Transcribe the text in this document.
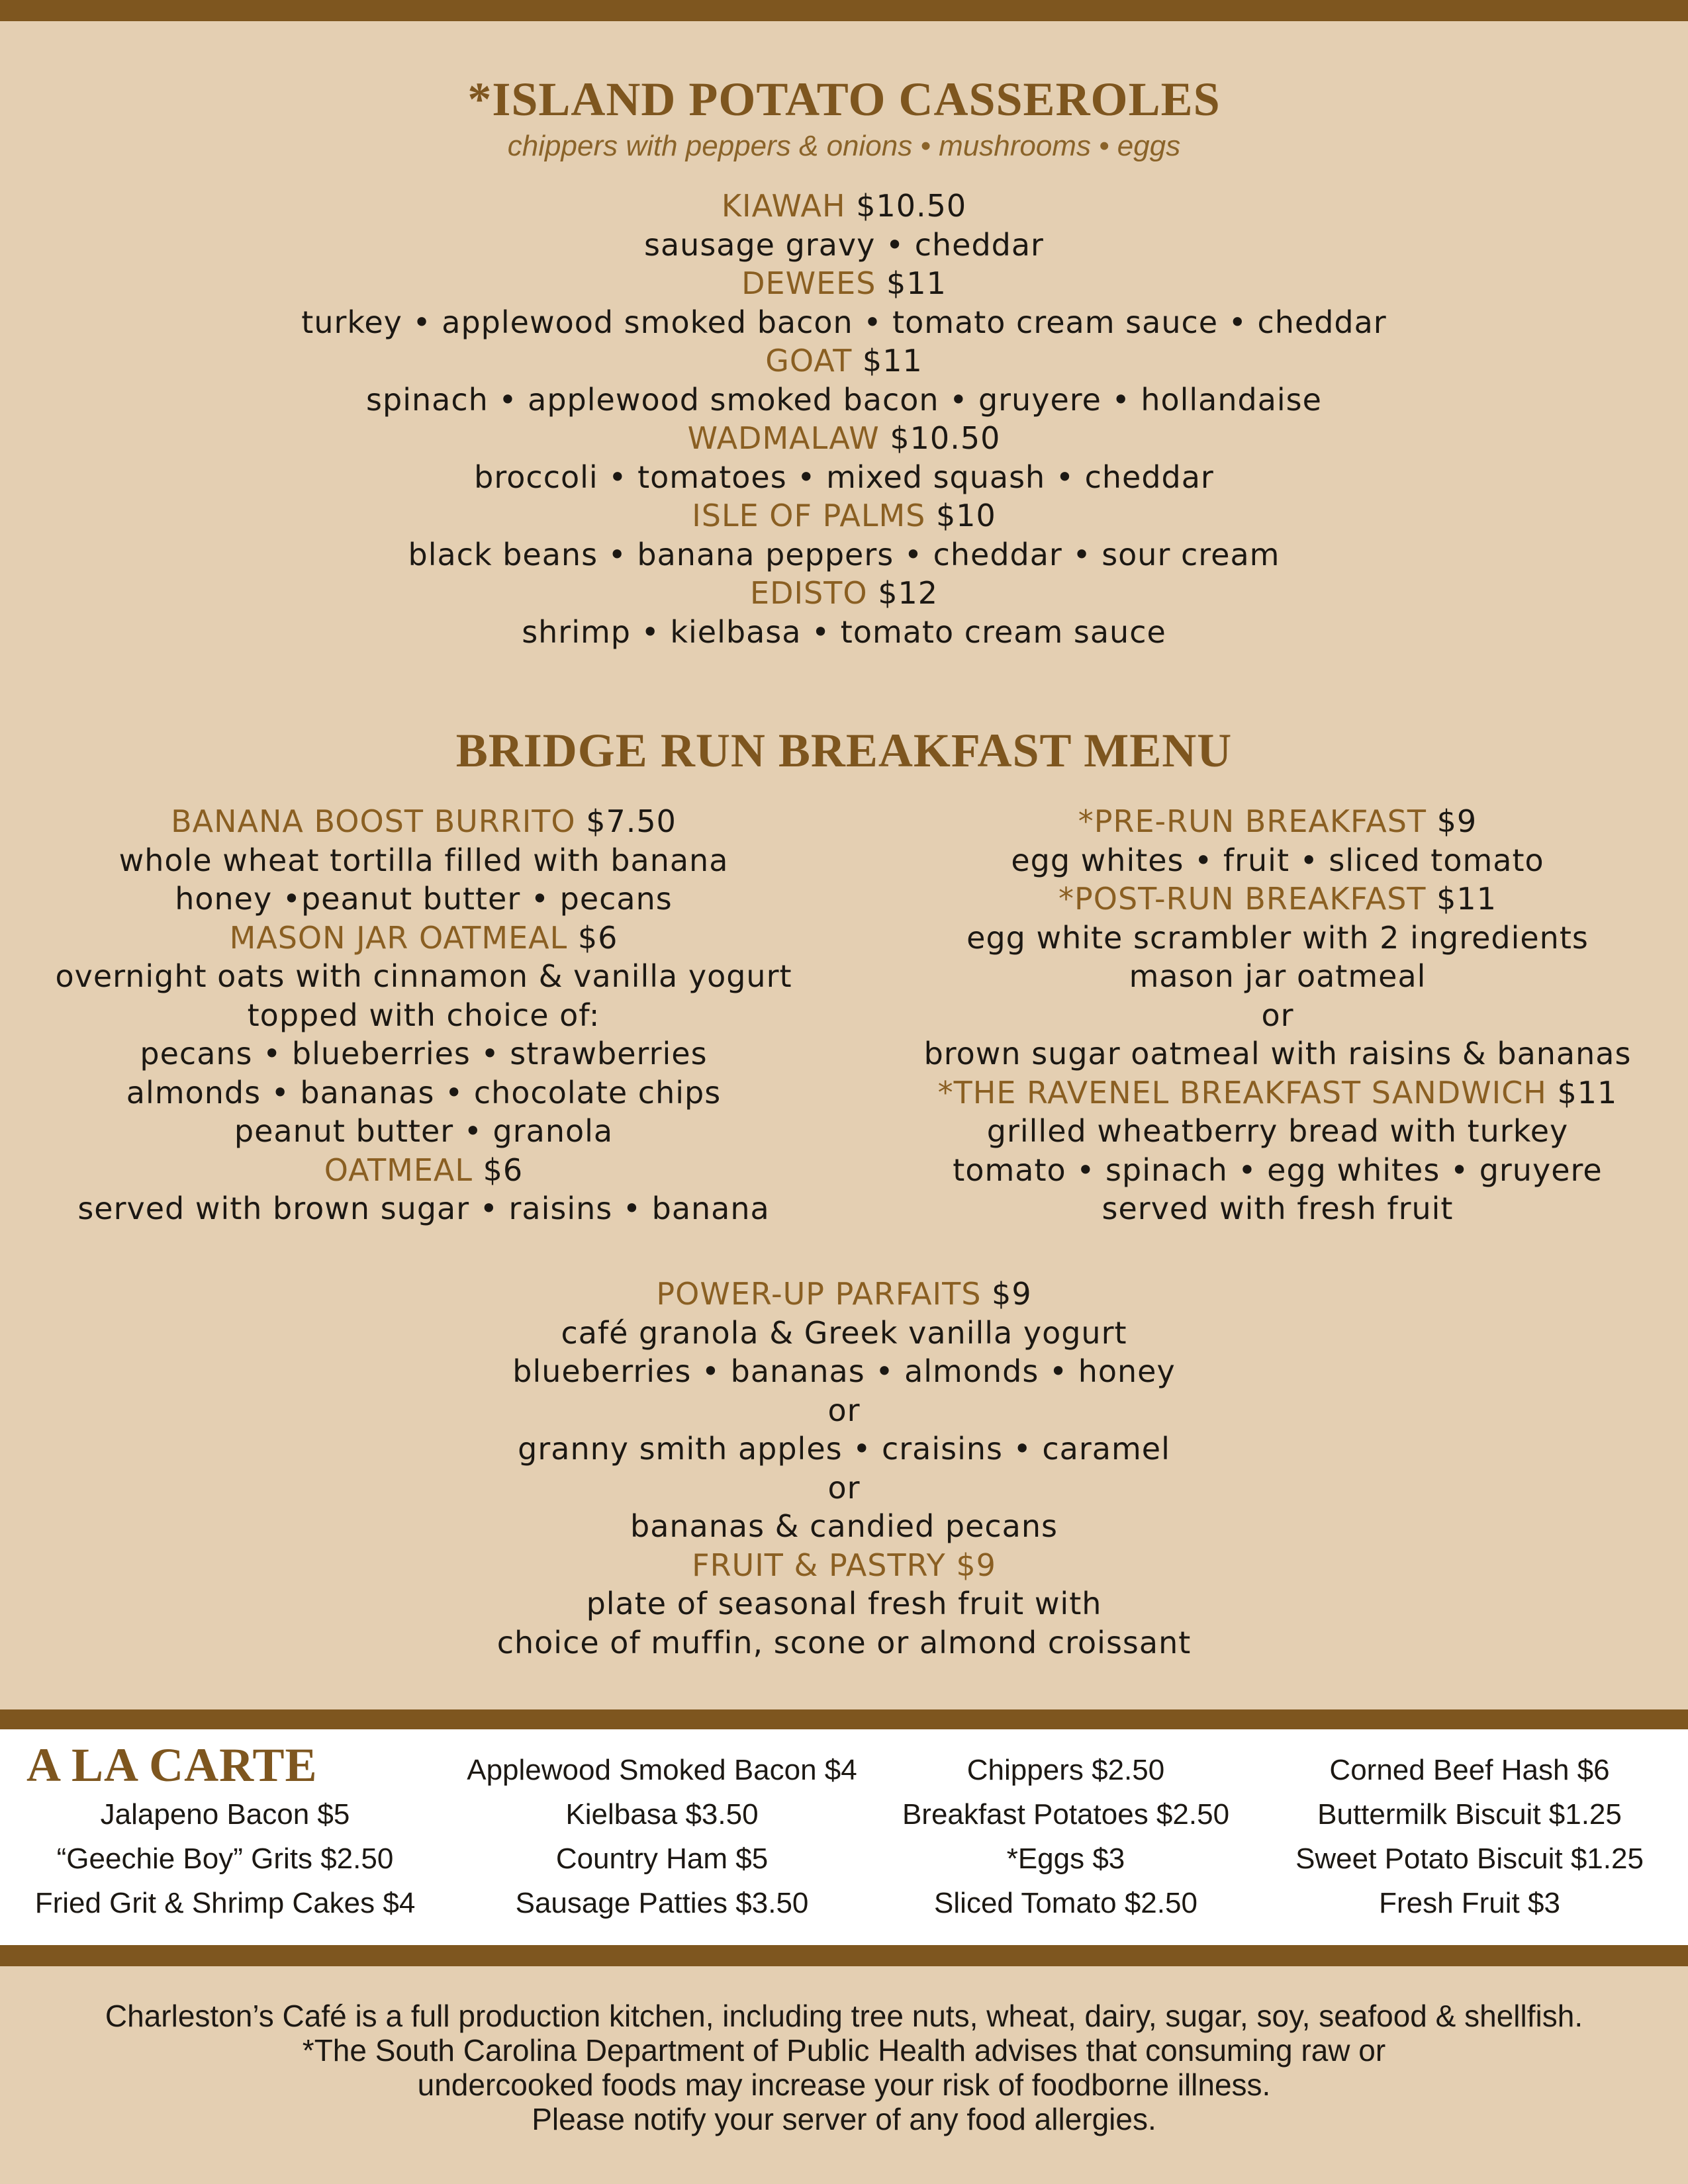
*ISLAND POTATO CASSEROLES

chippers with peppers & onions • mushrooms • eggs

KIAWAH $10.50

sausage gravy • cheddar

DEWEES $11

turkey • applewood smoked bacon • tomato cream sauce • cheddar

GOAT $11

spinach • applewood smoked bacon • gruyere • hollandaise

WADMALAW $10.50

broccoli • tomatoes • mixed squash • cheddar

ISLE OF PALMS $10

black beans • banana peppers • cheddar • sour cream

EDISTO $12

shrimp • kielbasa • tomato cream sauce

BRIDGE RUN BREAKFAST MENU

BANANA BOOST BURRITO $7.50

whole wheat tortilla filled with banana

honey •peanut butter • pecans

MASON JAR OATMEAL $6

overnight oats with cinnamon & vanilla yogurt

topped with choice of:

pecans • blueberries • strawberries

almonds • bananas • chocolate chips

peanut butter • granola

OATMEAL $6

served with brown sugar • raisins • banana

*PRE-RUN BREAKFAST $9

egg whites • fruit • sliced tomato

*POST-RUN BREAKFAST $11

egg white scrambler with 2 ingredients

mason jar oatmeal

or

brown sugar oatmeal with raisins & bananas

*THE RAVENEL BREAKFAST SANDWICH $11

grilled wheatberry bread with turkey

tomato • spinach • egg whites • gruyere

served with fresh fruit

POWER-UP PARFAITS $9

café granola & Greek vanilla yogurt

blueberries • bananas • almonds • honey

or

granny smith apples • craisins • caramel

or

bananas & candied pecans

FRUIT & PASTRY $9

plate of seasonal fresh fruit with

choice of muffin, scone or almond croissant

A LA CARTE

Jalapeno Bacon $5

“Geechie Boy” Grits $2.50

Fried Grit & Shrimp Cakes $4

Applewood Smoked Bacon $4

Kielbasa $3.50

Country Ham $5

Sausage Patties $3.50

Chippers $2.50

Breakfast Potatoes $2.50

*Eggs $3

Sliced Tomato $2.50

Corned Beef Hash $6

Buttermilk Biscuit $1.25

Sweet Potato Biscuit $1.25

Fresh Fruit $3

Charleston’s Café is a full production kitchen, including tree nuts, wheat, dairy, sugar, soy, seafood & shellfish.

*The South Carolina Department of Public Health advises that consuming raw or

undercooked foods may increase your risk of foodborne illness.

Please notify your server of any food allergies.
